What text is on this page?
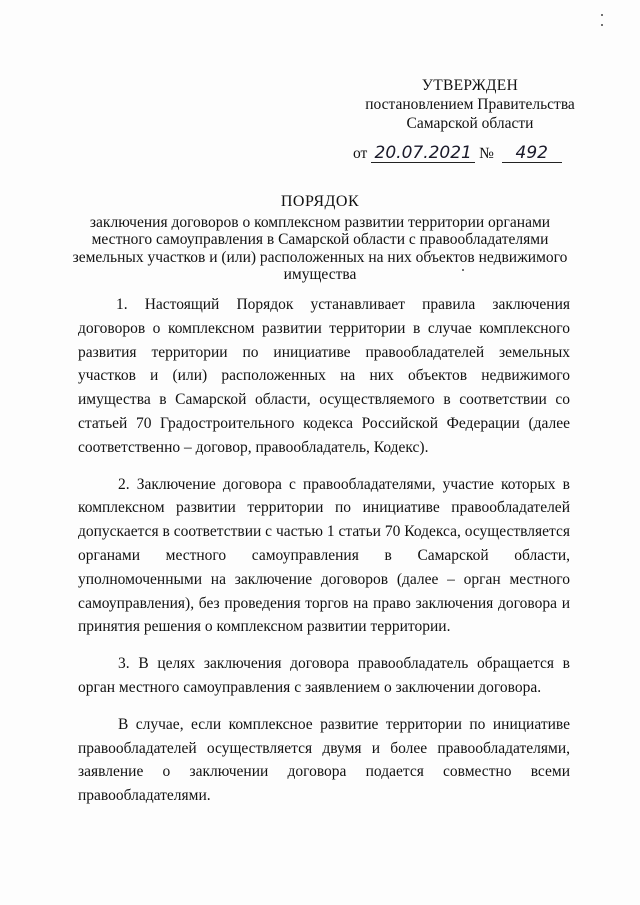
УТВЕРЖДЕН
постановлением Правительства
Самарской области
от 20.07.2021 № 492
ПОРЯДОК
заключения договоров о комплексном развитии территории органами местного самоуправления в Самарской области с правообладателями земельных участков и (или) расположенных на них объектов недвижимого имущества

1. Настоящий Порядок устанавливает правила заключения договоров о комплексном развитии территории в случае комплексного развития территории по инициативе правообладателей земельных участков и (или) расположенных на них объектов недвижимого имущества в Самарской области, осуществляемого в соответствии со статьей 70 Градостроительного кодекса Российской Федерации (далее соответственно – договор, правообладатель, Кодекс).

2. Заключение договора с правообладателями, участие которых в комплексном развитии территории по инициативе правообладателей допускается в соответствии с частью 1 статьи 70 Кодекса, осуществляется органами местного самоуправления в Самарской области, уполномоченными на заключение договоров (далее – орган местного самоуправления), без проведения торгов на право заключения договора и принятия решения о комплексном развитии территории.

3. В целях заключения договора правообладатель обращается в орган местного самоуправления с заявлением о заключении договора.

В случае, если комплексное развитие территории по инициативе правообладателей осуществляется двумя и более правообладателями, заявление о заключении договора подается совместно всеми правообладателями.
